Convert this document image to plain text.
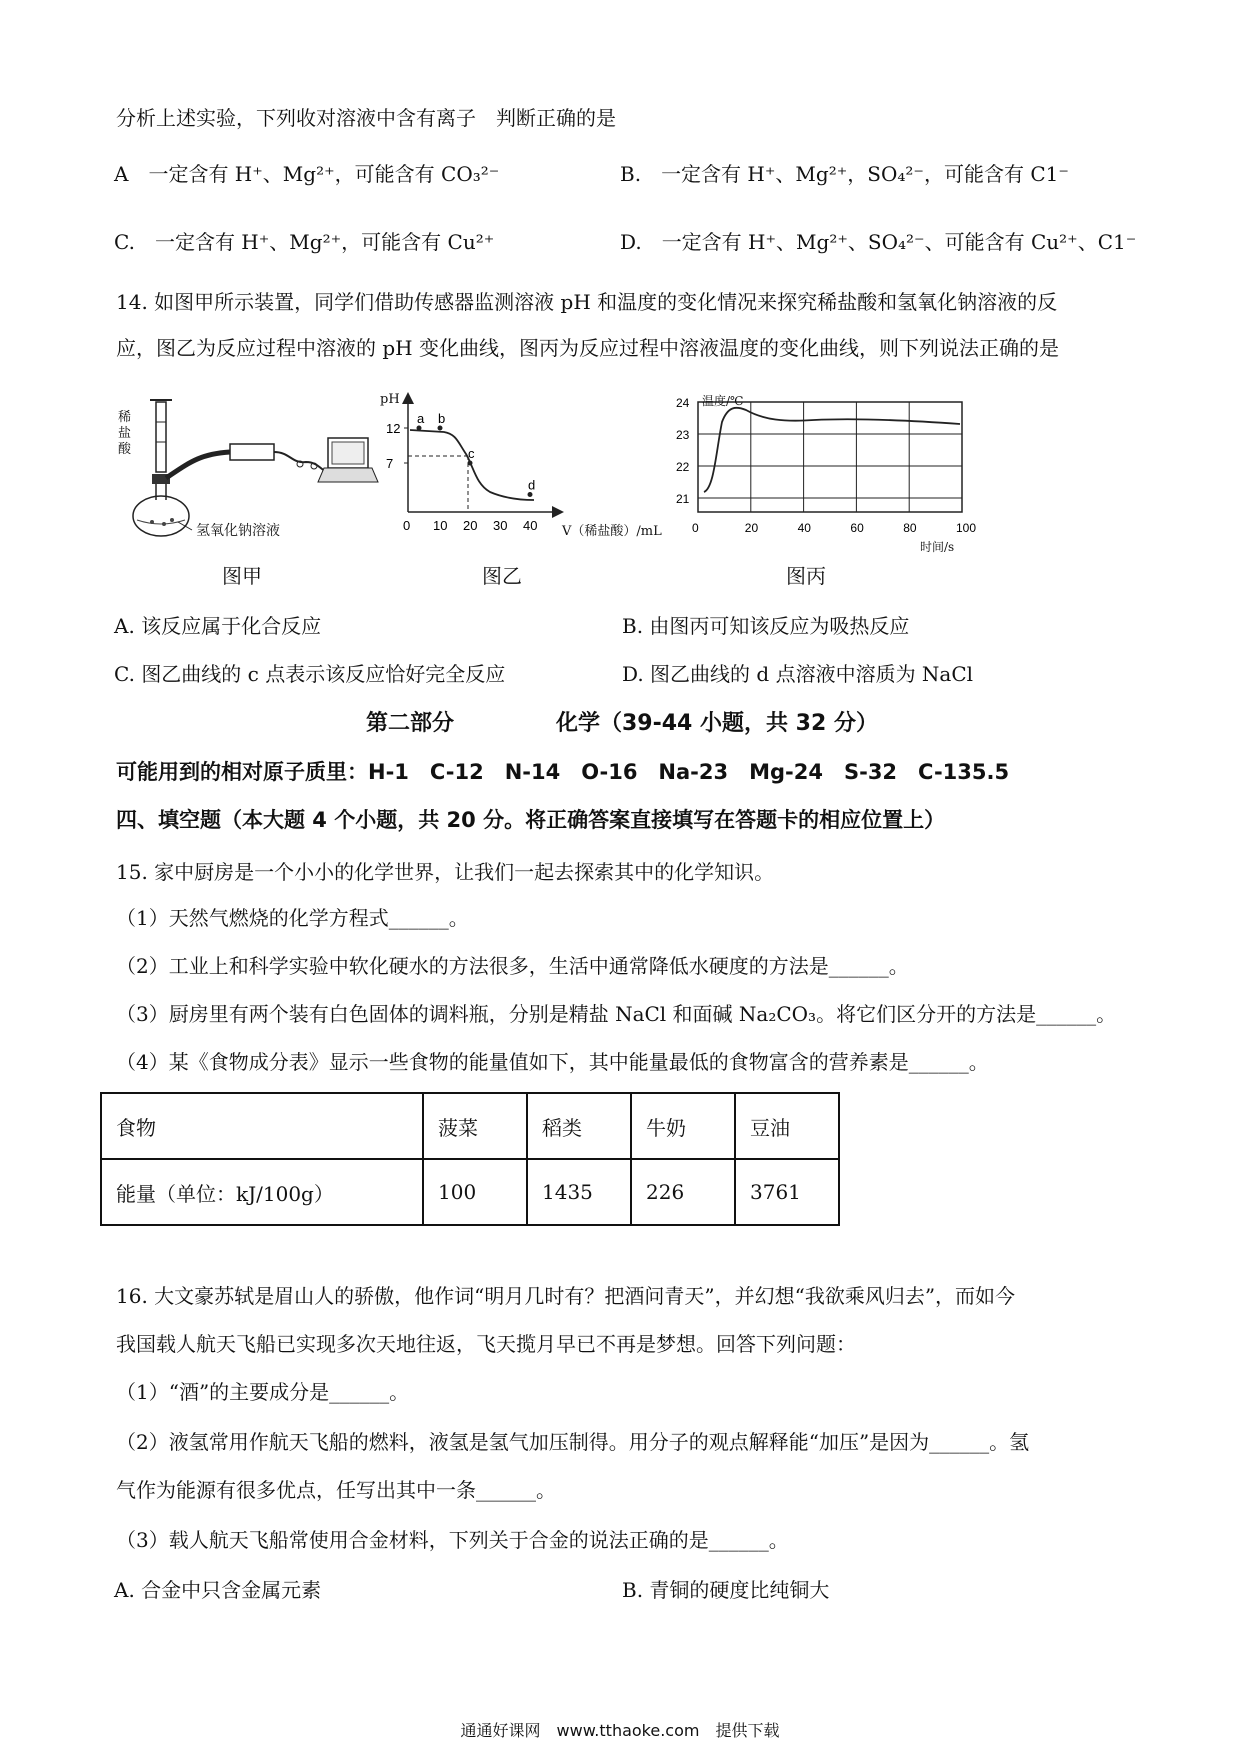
分析上述实验，下列收对溶液中含有离子　判断正确的是
A　 一定含有 H⁺、Mg²⁺，可能含有 CO₃²⁻	B.　 一定含有 H⁺、Mg²⁺，SO₄²⁻，可能含有 C1⁻
C.　 一定含有 H⁺、Mg²⁺，可能含有 Cu²⁺	D.　 一定含有 H⁺、Mg²⁺、SO₄²⁻、可能含有 Cu²⁺、C1⁻
14. 如图甲所示装置，同学们借助传感器监测溶液 pH 和温度的变化情况来探究稀盐酸和氢氧化钠溶液的反
应，图乙为反应过程中溶液的 pH 变化曲线，图丙为反应过程中溶液温度的变化曲线，则下列说法正确的是
稀盐酸
氢氧化钠溶液
图甲
0 10 20 30 40
12
7
a b
c
d
pH
V（稀盐酸）/mL
图乙
0	20	40	60	80	100
24
23
22
21
温度/℃
时间/s
图丙
A. 该反应属于化合反应	B. 由图丙可知该反应为吸热反应
C. 图乙曲线的 c 点表示该反应恰好完全反应	D. 图乙曲线的 d 点溶液中溶质为 NaCl
第二部分	化学（39-44 小题，共 32 分）
可能用到的相对原子质里：H-1　C-12　N-14　O-16　Na-23　Mg-24　S-32　C-135.5
四、填空题（本大题 4 个小题，共 20 分。将正确答案直接填写在答题卡的相应位置上）
15. 家中厨房是一个小小的化学世界，让我们一起去探索其中的化学知识。
（1）天然气燃烧的化学方程式______。
（2）工业上和科学实验中软化硬水的方法很多，生活中通常降低水硬度的方法是______。
（3）厨房里有两个装有白色固体的调料瓶，分别是精盐 NaCl 和面碱 Na₂CO₃。将它们区分开的方法是______。
（4）某《食物成分表》显示一些食物的能量值如下，其中能量最低的食物富含的营养素是______。
食物	菠菜	稻类	牛奶	豆油
能量（单位：kJ/100g）	100	1435	226	3761
16. 大文豪苏轼是眉山人的骄傲，他作词“明月几时有？把酒问青天”，并幻想“我欲乘风归去”，而如今
我国载人航天飞船已实现多次天地往返，飞天揽月早已不再是梦想。回答下列问题：
（1）“酒”的主要成分是______。
（2）液氢常用作航天飞船的燃料，液氢是氢气加压制得。用分子的观点解释能“加压”是因为______。氢
气作为能源有很多优点，任写出其中一条______。
（3）载人航天飞船常使用合金材料，下列关于合金的说法正确的是______。
A. 合金中只含金属元素	B. 青铜的硬度比纯铜大
通通好课网　www.tthaoke.com　提供下载
